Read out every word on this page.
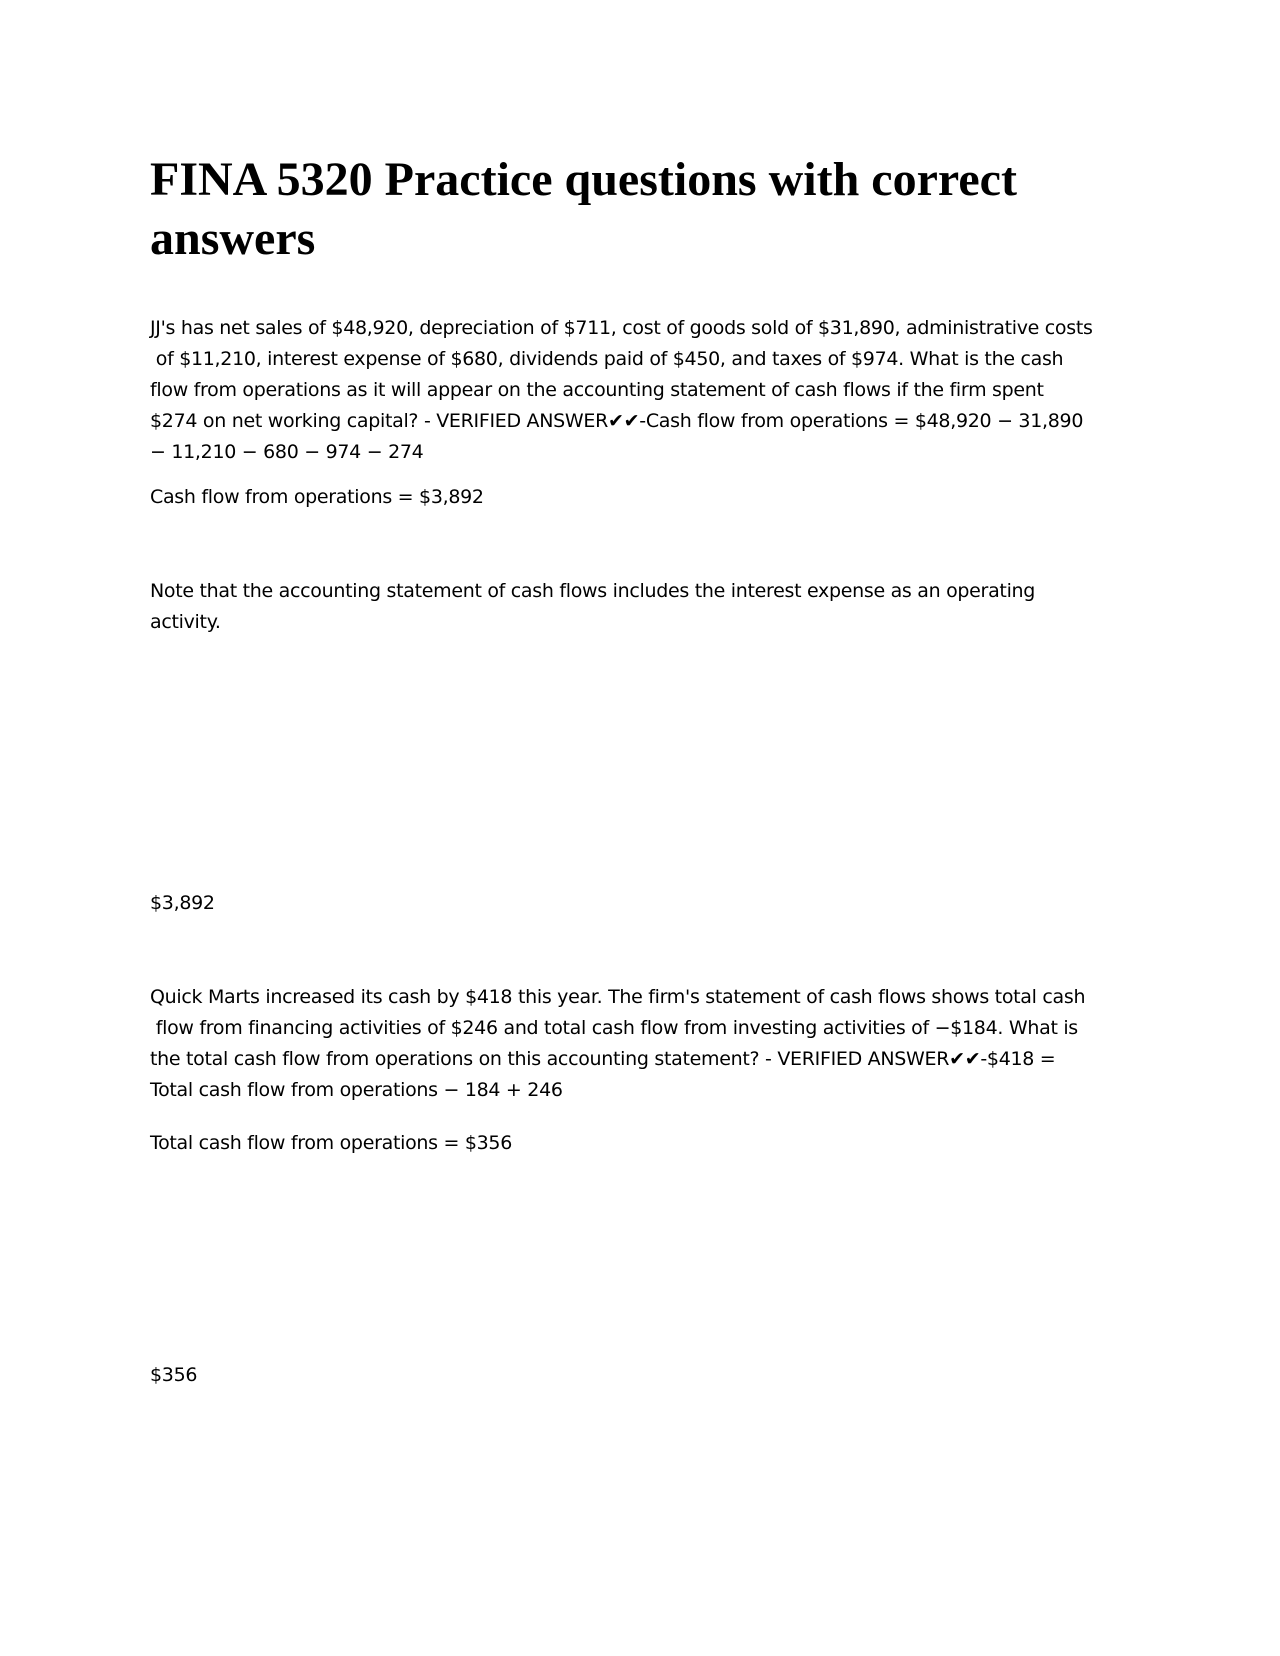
FINA 5320 Practice questions with correct
answers

JJ's has net sales of $48,920, depreciation of $711, cost of goods sold of $31,890, administrative costs
of $11,210, interest expense of $680, dividends paid of $450, and taxes of $974. What is the cash
flow from operations as it will appear on the accounting statement of cash flows if the firm spent
$274 on net working capital? - VERIFIED ANSWER✔✔-Cash flow from operations = $48,920 − 31,890
− 11,210 − 680 − 974 − 274

Cash flow from operations = $3,892

Note that the accounting statement of cash flows includes the interest expense as an operating
activity.

$3,892

Quick Marts increased its cash by $418 this year. The firm's statement of cash flows shows total cash
flow from financing activities of $246 and total cash flow from investing activities of −$184. What is
the total cash flow from operations on this accounting statement? - VERIFIED ANSWER✔✔-$418 =
Total cash flow from operations − 184 + 246

Total cash flow from operations = $356

$356
